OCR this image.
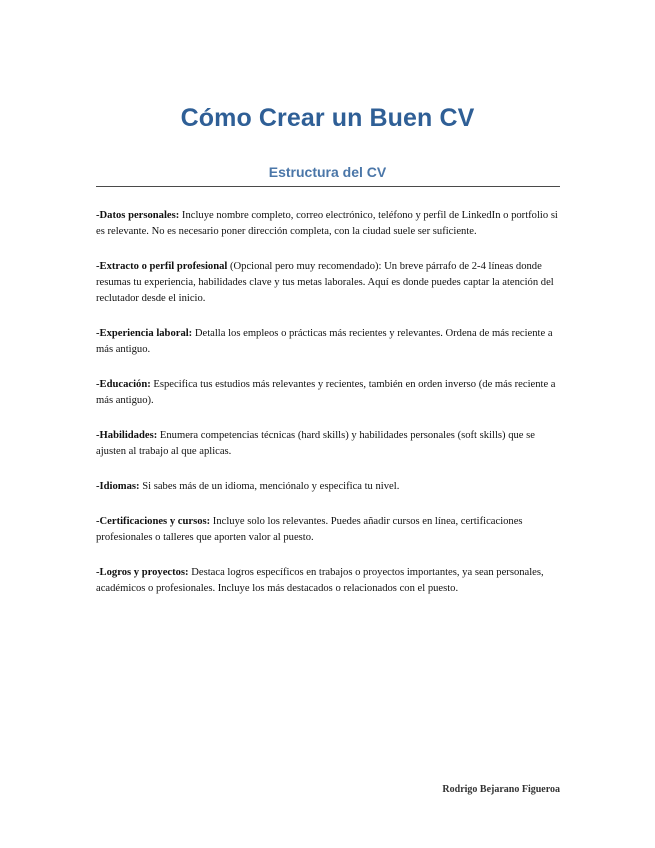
Cómo Crear un Buen CV
Estructura del CV

-Datos personales: Incluye nombre completo, correo electrónico, teléfono y perfil de LinkedIn o portfolio si es relevante. No es necesario poner dirección completa, con la ciudad suele ser suficiente.

-Extracto o perfil profesional (Opcional pero muy recomendado): Un breve párrafo de 2-4 líneas donde resumas tu experiencia, habilidades clave y tus metas laborales. Aquí es donde puedes captar la atención del reclutador desde el inicio.

-Experiencia laboral: Detalla los empleos o prácticas más recientes y relevantes. Ordena de más reciente a más antiguo.

-Educación: Especifica tus estudios más relevantes y recientes, también en orden inverso (de más reciente a más antiguo).

-Habilidades: Enumera competencias técnicas (hard skills) y habilidades personales (soft skills) que se ajusten al trabajo al que aplicas.

-Idiomas: Si sabes más de un idioma, menciónalo y especifica tu nivel.

-Certificaciones y cursos: Incluye solo los relevantes. Puedes añadir cursos en línea, certificaciones profesionales o talleres que aporten valor al puesto.

-Logros y proyectos: Destaca logros específicos en trabajos o proyectos importantes, ya sean personales, académicos o profesionales. Incluye los más destacados o relacionados con el puesto.

Rodrigo Bejarano Figueroa
